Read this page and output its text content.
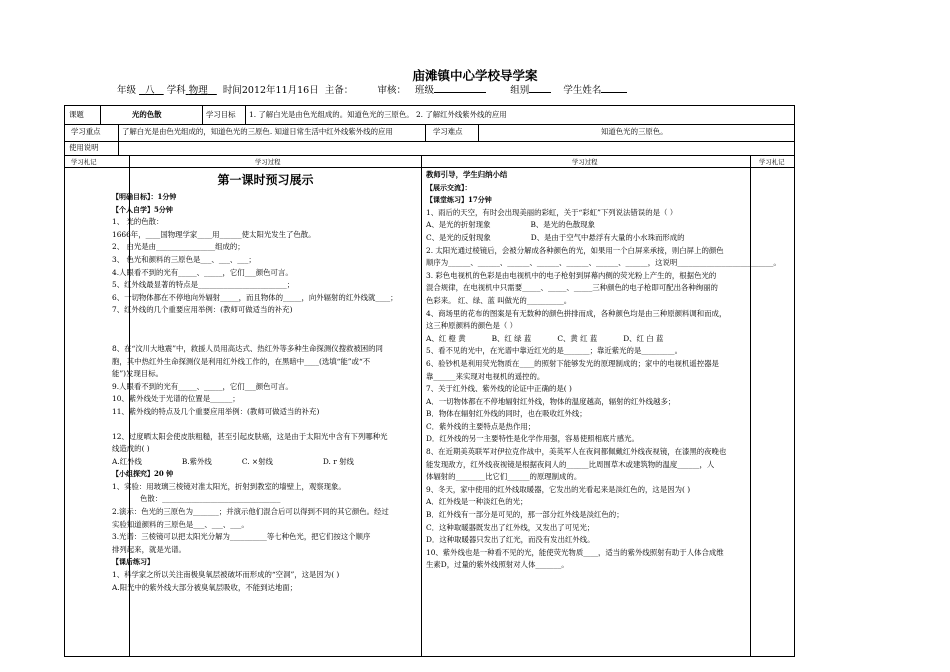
庙滩镇中心学校导学案
年级 八 学科 物理 时间2012年11月16日 主备：	审核： 班级	组别	学生姓名
课题	光的色散	学习目标 1. 了解白光是由色光组成的。知道色光的三原色。 2. 了解红外线紫外线的应用
学习重点	了解白光是由色光组成的，知道色光的三原色. 知道日常生活中红外线紫外线的应用	学习难点	知道色光的三原色。
使用说明
学习札记	学习过程	学习过程	学习札记

第一课时预习展示

【明确目标】：1分钟

【个人自学】5分钟

1、 光的色散：

1666年，____国物理学家____用______使太阳光发生了色散。

2、 白光是由________________组成的；

3、 色光和颜料的三原色是___、___、___；

4.人眼看不到的光有_____、_____，它们___颜色可言。

5、红外线最显著的特点是________________________；

6、一切物体都在不停地向外辐射_____，而且物体的_____，向外辐射的红外线就____；

7、红外线的几个重要应用举例：(教师可做适当的补充)

8、在“汶川大地震”中，救援人员用高达式、热红外等多种生命探测仪搜救被困的同

胞，其中热红外生命探测仪是利用红外线工作的，在黑暗中____(选填“能”或“不

能”)发现目标。

9.人眼看不到的光有_____、_____，它们___颜色可言。

10、紫外线处于光谱的位置是______；

11、紫外线的特点及几个重要应用举例：(教师可做适当的补充)

12、过度晒太阳会使皮肤粗糙，甚至引起皮肤癌，这是由于太阳光中含有下列哪种光

线造成的( )

A.红外线	B.紫外线	C. ×射线	D. r 射线

【小组探究】20 钟

1、实验：用玻璃三棱镜对准太阳光，折射到教室的墙壁上，观察现象。

色散：________________________________

2.演示：色光的三原色为_______；并演示他们混合后可以得到不同的其它颜色。经过

实验知道颜料的三原色是___、___、___。

3.光谱：三棱镜可以把太阳光分解为__________等七种色光，把它们按这个顺序

排列起来，就是光谱。

【课后练习】

1、科学家之所以关注南极臭氧层被破坏而形成的“空洞”，这是因为( )

A.阳光中的紫外线大部分被臭氧层吸收，不能到达地面；

教师引导，学生归纳小结

【展示交流】：

【课堂练习】17分钟

1、雨后的天空，有时会出现美丽的彩虹，关于“彩虹”下列说法错误的是（ ）

A、是光的折射现象	B、是光的色散现象

C、是光的反射现象	D、是由于空气中悬浮有大量的小水珠而形成的

2. 太阳光通过棱镜后，会被分解成各种颜色的光，如果用一个白屏来承接，则白屏上的颜色

顺序为______、______、______、______、______、______、______，这说明__________________________。

3. 彩色电视机的色彩是由电视机中的电子枪射到屏幕内侧的荧光粉上产生的，根据色光的

混合规律，在电视机中只需要_____、_____、_____三种颜色的电子枪即可配出各种绚丽的

色彩来。 红、绿、蓝 叫做光的__________。

4、商场里的花布的图案是有无数种的颜色拼排而成，各种颜色均是由三种原颜料调和而成，

这三种原颜料的颜色是（ ）

A、红 橙 黄	B、红 绿 蓝	C、黄 红 蓝	D、红 白 蓝

5、看不见的光中，在光谱中靠近红光的是_______；靠近紫光的是_________。

6、验钞机是利用荧光物质在____的照射下能够发光的原理制成的；家中的电视机遥控器是

靠______来实现对电视机的遥控的。

7、关于红外线、紫外线的论证中正确的是( )

A．一切物体都在不停地辐射红外线，物体的温度越高，辐射的红外线越多；

B．物体在辐射红外线的同时，也在吸收红外线；

C．紫外线的主要特点是热作用；

D．红外线的另一主要特性是化学作用强，容易使照相底片感光。

8、在近期美英联军对伊拉克作战中，美英军人在夜间都佩戴红外线夜视镜，在漆黑的夜晚也

能发现敌方，红外线夜视镜是根据夜间人的______比周围草木或建筑物的温度______，人

体辐射的________比它们______的原理制成的。

9、冬天，家中使用的红外线取暖器，它发出的光看起来是淡红色的，这是因为( )

A．红外线是一种淡红色的光；

B．红外线有一部分是可见的，那一部分红外线是淡红色的；

C．这种取暖器既发出了红外线，又发出了可见光；

D．这种取暖器只发出了红光，而没有发出红外线。

10、紫外线也是一种看不见的光，能使荧光物质____，适当的紫外线照射有助于人体合成维

生素D，过量的紫外线照射对人体_______。
